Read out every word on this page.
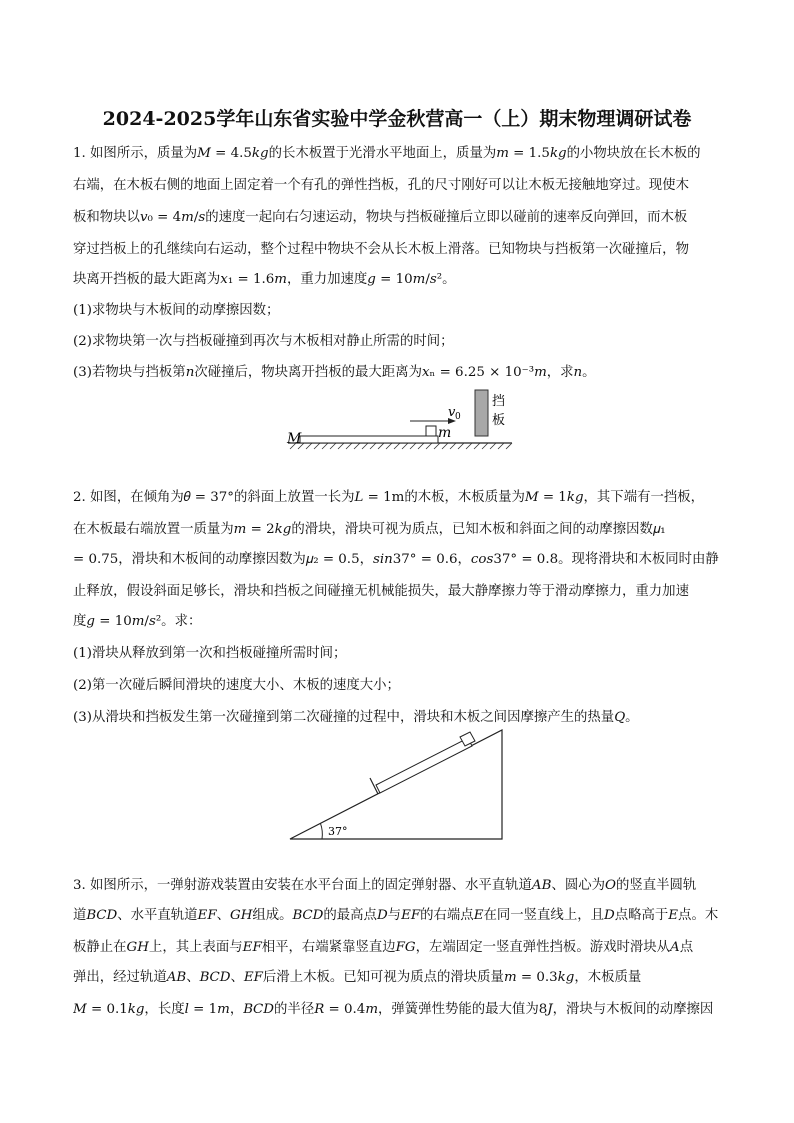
2024-2025学年山东省实验中学金秋营高一（上）期末物理调研试卷
1. 如图所示，质量为𝑀 = 4.5𝑘𝑔的长木板置于光滑水平地面上，质量为𝑚 = 1.5𝑘𝑔的小物块放在长木板的
右端，在木板右侧的地面上固定着一个有孔的弹性挡板，孔的尺寸刚好可以让木板无接触地穿过。现使木
板和物块以𝑣₀ = 4𝑚/𝑠的速度一起向右匀速运动，物块与挡板碰撞后立即以碰前的速率反向弹回，而木板
穿过挡板上的孔继续向右运动，整个过程中物块不会从长木板上滑落。已知物块与挡板第一次碰撞后，物
块离开挡板的最大距离为𝑥₁ = 1.6𝑚，重力加速度𝑔 = 10𝑚/𝑠²。
(1)求物块与木板间的动摩擦因数；
(2)求物块第一次与挡板碰撞到再次与木板相对静止所需的时间；
(3)若物块与挡板第𝑛次碰撞后，物块离开挡板的最大距离为𝑥ₙ = 6.25 × 10⁻³𝑚，求𝑛。
M	m
v 0
挡
板
2. 如图，在倾角为𝜃 = 37°的斜面上放置一长为𝐿 = 1m的木板，木板质量为𝑀 = 1𝑘𝑔，其下端有一挡板，
在木板最右端放置一质量为𝑚 = 2𝑘𝑔的滑块，滑块可视为质点，已知木板和斜面之间的动摩擦因数𝜇₁
= 0.75，滑块和木板间的动摩擦因数为𝜇₂ = 0.5，𝑠𝑖𝑛37° = 0.6，𝑐𝑜𝑠37° = 0.8。现将滑块和木板同时由静
止释放，假设斜面足够长，滑块和挡板之间碰撞无机械能损失，最大静摩擦力等于滑动摩擦力，重力加速
度𝑔 = 10𝑚/𝑠²。求：
(1)滑块从释放到第一次和挡板碰撞所需时间；
(2)第一次碰后瞬间滑块的速度大小、木板的速度大小；
(3)从滑块和挡板发生第一次碰撞到第二次碰撞的过程中，滑块和木板之间因摩擦产生的热量𝑄。
37°
3. 如图所示，一弹射游戏装置由安装在水平台面上的固定弹射器、水平直轨道𝐴𝐵、圆心为𝑂的竖直半圆轨
道𝐵𝐶𝐷、水平直轨道𝐸𝐹、𝐺𝐻组成。𝐵𝐶𝐷的最高点𝐷与𝐸𝐹的右端点𝐸在同一竖直线上，且𝐷点略高于𝐸点。木
板静止在𝐺𝐻上，其上表面与𝐸𝐹相平，右端紧靠竖直边𝐹𝐺，左端固定一竖直弹性挡板。游戏时滑块从𝐴点
弹出，经过轨道𝐴𝐵、𝐵𝐶𝐷、𝐸𝐹后滑上木板。已知可视为质点的滑块质量𝑚 = 0.3𝑘𝑔，木板质量
𝑀 = 0.1𝑘𝑔，长度𝑙 = 1𝑚，𝐵𝐶𝐷的半径𝑅 = 0.4𝑚，弹簧弹性势能的最大值为8𝐽，滑块与木板间的动摩擦因
